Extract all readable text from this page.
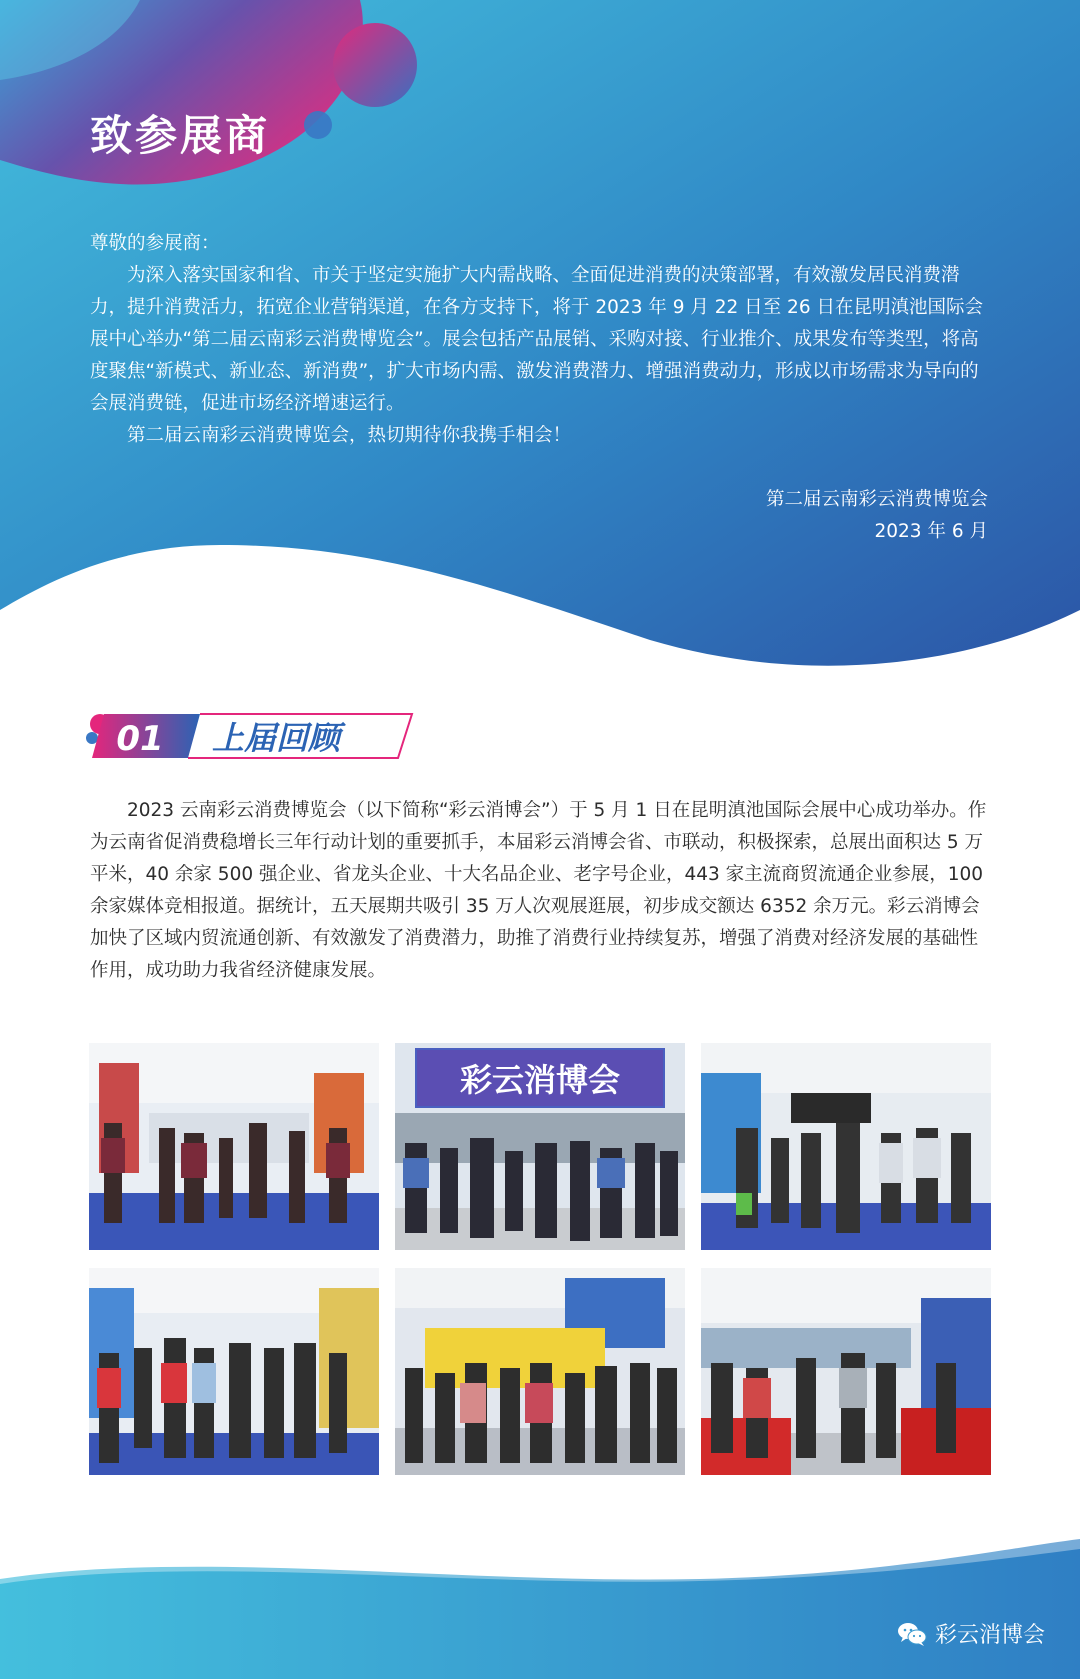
致参展商

尊敬的参展商：

为深入落实国家和省、市关于坚定实施扩大内需战略、全面促进消费的决策部署，有效激发居民消费潜力，提升消费活力，拓宽企业营销渠道，在各方支持下，将于 2023 年 9 月 22 日至 26 日在昆明滇池国际会展中心举办“第二届云南彩云消费博览会”。展会包括产品展销、采购对接、行业推介、成果发布等类型，将高度聚焦“新模式、新业态、新消费”，扩大市场内需、激发消费潜力、增强消费动力，形成以市场需求为导向的会展消费链，促进市场经济增速运行。

第二届云南彩云消费博览会，热切期待你我携手相会！

第二届云南彩云消费博览会
2023 年 6 月
01 上届回顾

2023 云南彩云消费博览会（以下简称“彩云消博会”）于 5 月 1 日在昆明滇池国际会展中心成功举办。作为云南省促消费稳增长三年行动计划的重要抓手，本届彩云消博会省、市联动，积极探索，总展出面积达 5 万平米，40 余家 500 强企业、省龙头企业、十大名品企业、老字号企业，443 家主流商贸流通企业参展，100 余家媒体竞相报道。据统计，五天展期共吸引 35 万人次观展逛展，初步成交额达 6352 余万元。彩云消博会加快了区域内贸流通创新、有效激发了消费潜力，助推了消费行业持续复苏，增强了消费对经济发展的基础性作用，成功助力我省经济健康发展。

彩云消博会
彩云消博会
